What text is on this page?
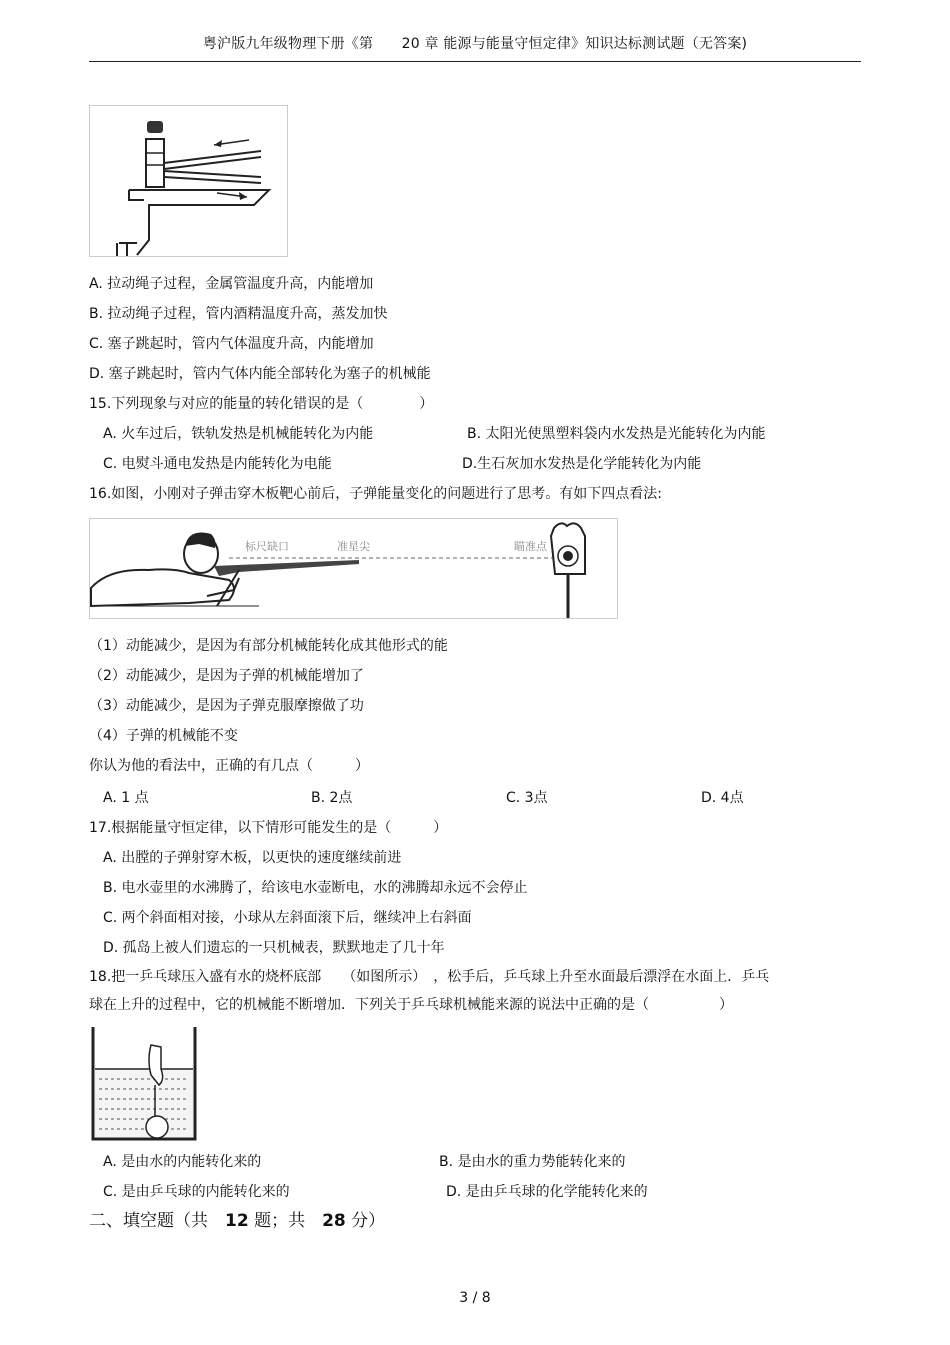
粤沪版九年级物理下册《第　　20 章 能源与能量守恒定律》知识达标测试题（无答案)
A. 拉动绳子过程，金属管温度升高，内能增加
B. 拉动绳子过程，管内酒精温度升高，蒸发加快
C. 塞子跳起时，管内气体温度升高，内能增加
D. 塞子跳起时，管内气体内能全部转化为塞子的机械能
15.下列现象与对应的能量的转化错误的是（　　　　）
A. 火车过后，铁轨发热是机械能转化为内能	B. 太阳光使黑塑料袋内水发热是光能转化为内能
C. 电熨斗通电发热是内能转化为电能	D.生石灰加水发热是化学能转化为内能
16.如图，小刚对子弹击穿木板靶心前后，子弹能量变化的问题进行了思考。有如下四点看法:
标尺缺口	准星尖	瞄准点
（1）动能减少，是因为有部分机械能转化成其他形式的能
（2）动能减少，是因为子弹的机械能增加了
（3）动能减少，是因为子弹克服摩擦做了功
（4）子弹的机械能不变
你认为他的看法中，正确的有几点（　　　）
A. 1 点	B. 2点	C. 3点	D. 4点
17.根据能量守恒定律，以下情形可能发生的是（　　　）
A. 出膛的子弹射穿木板，以更快的速度继续前进
B. 电水壶里的水沸腾了，给该电水壶断电，水的沸腾却永远不会停止
C. 两个斜面相对接，小球从左斜面滚下后，继续冲上右斜面
D. 孤岛上被人们遗忘的一只机械表，默默地走了几十年
18.把一乒乓球压入盛有水的烧杯底部　　（如图所示）　，松手后，乒乓球上升至水面最后漂浮在水面上．乒乓
球在上升的过程中，它的机械能不断增加．下列关于乒乓球机械能来源的说法中正确的是（　　　　　）
A. 是由水的内能转化来的	B. 是由水的重力势能转化来的
C. 是由乒乓球的内能转化来的	D. 是由乒乓球的化学能转化来的
二、填空题（共　12 题；共　28 分）
3 / 8
